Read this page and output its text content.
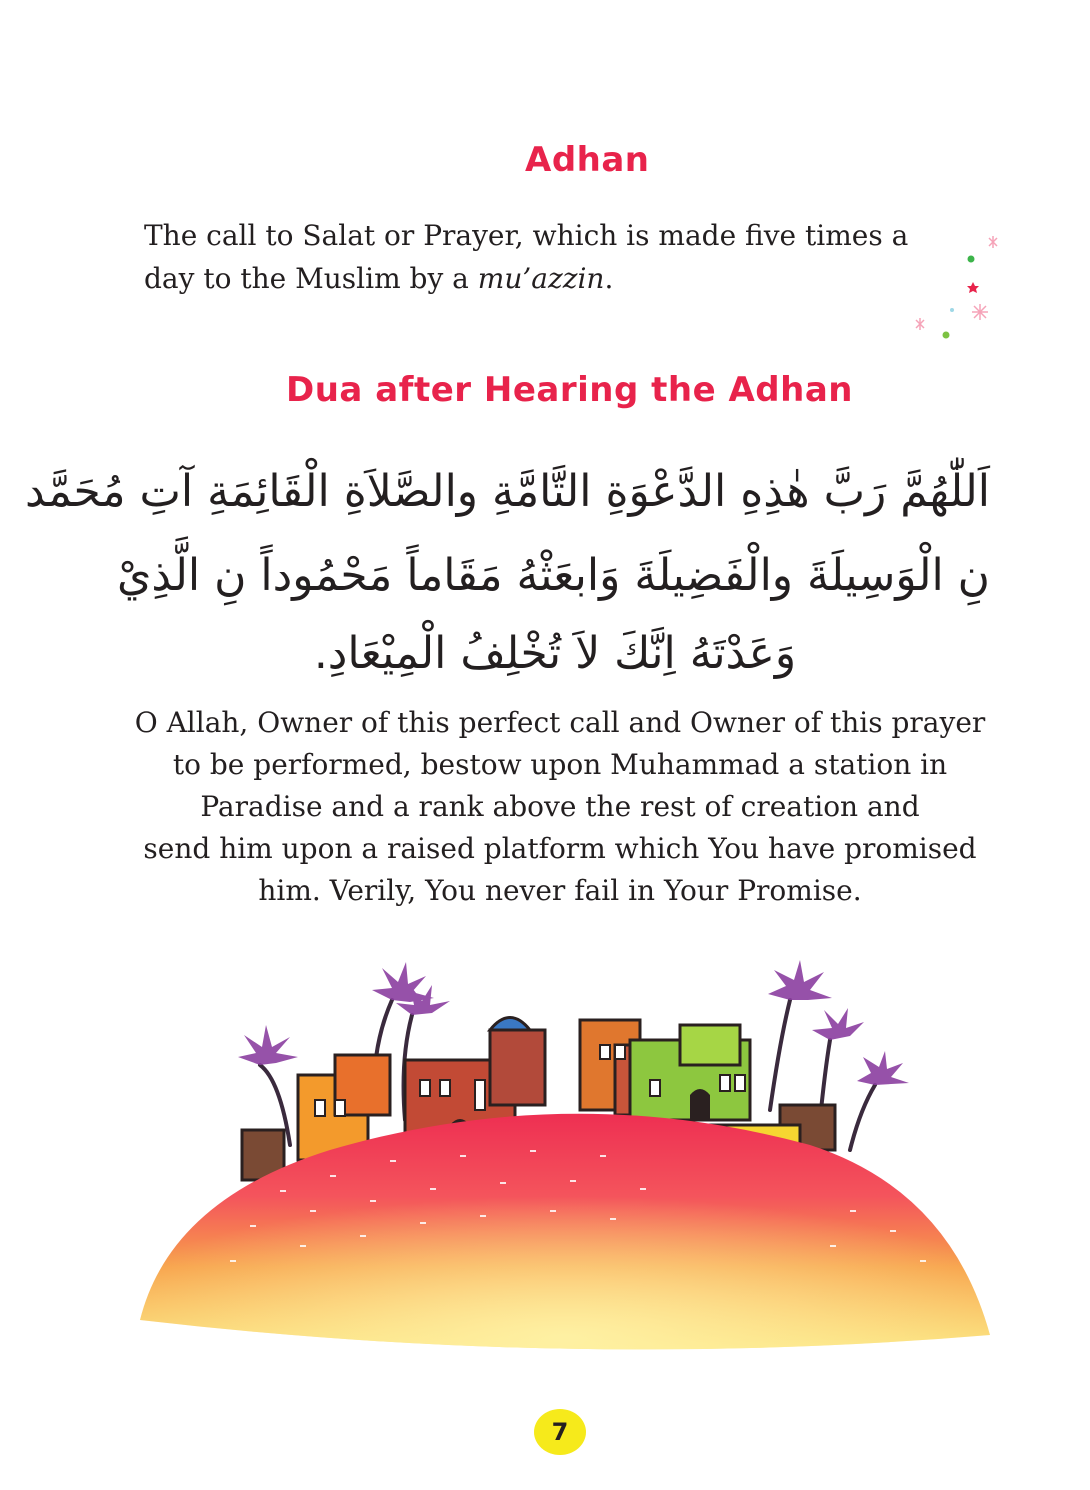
Adhan
The call to Salat or Prayer, which is made five times a
day to the Muslim by a mu’azzin.
Dua after Hearing the Adhan
اَللّٰهُمَّ رَبَّ هٰذِهِ الدَّعْوَةِ التَّامَّةِ والصَّلاَةِ الْقَائِمَةِ آتِ مُحَمَّد
نِ الْوَسِيلَةَ والْفَضِيلَةَ وَابعَثْهُ مَقَاماً مَحْمُوداً نِ الَّذِيْ
وَعَدْتَهُ اِنَّكَ لاَ تُخْلِفُ الْمِيْعَادِ.
O Allah, Owner of this perfect call and Owner of this prayer
to be performed, bestow upon Muhammad a station in
Paradise and a rank above the rest of creation and
send him upon a raised platform which You have promised
him. Verily, You never fail in Your Promise.
7
